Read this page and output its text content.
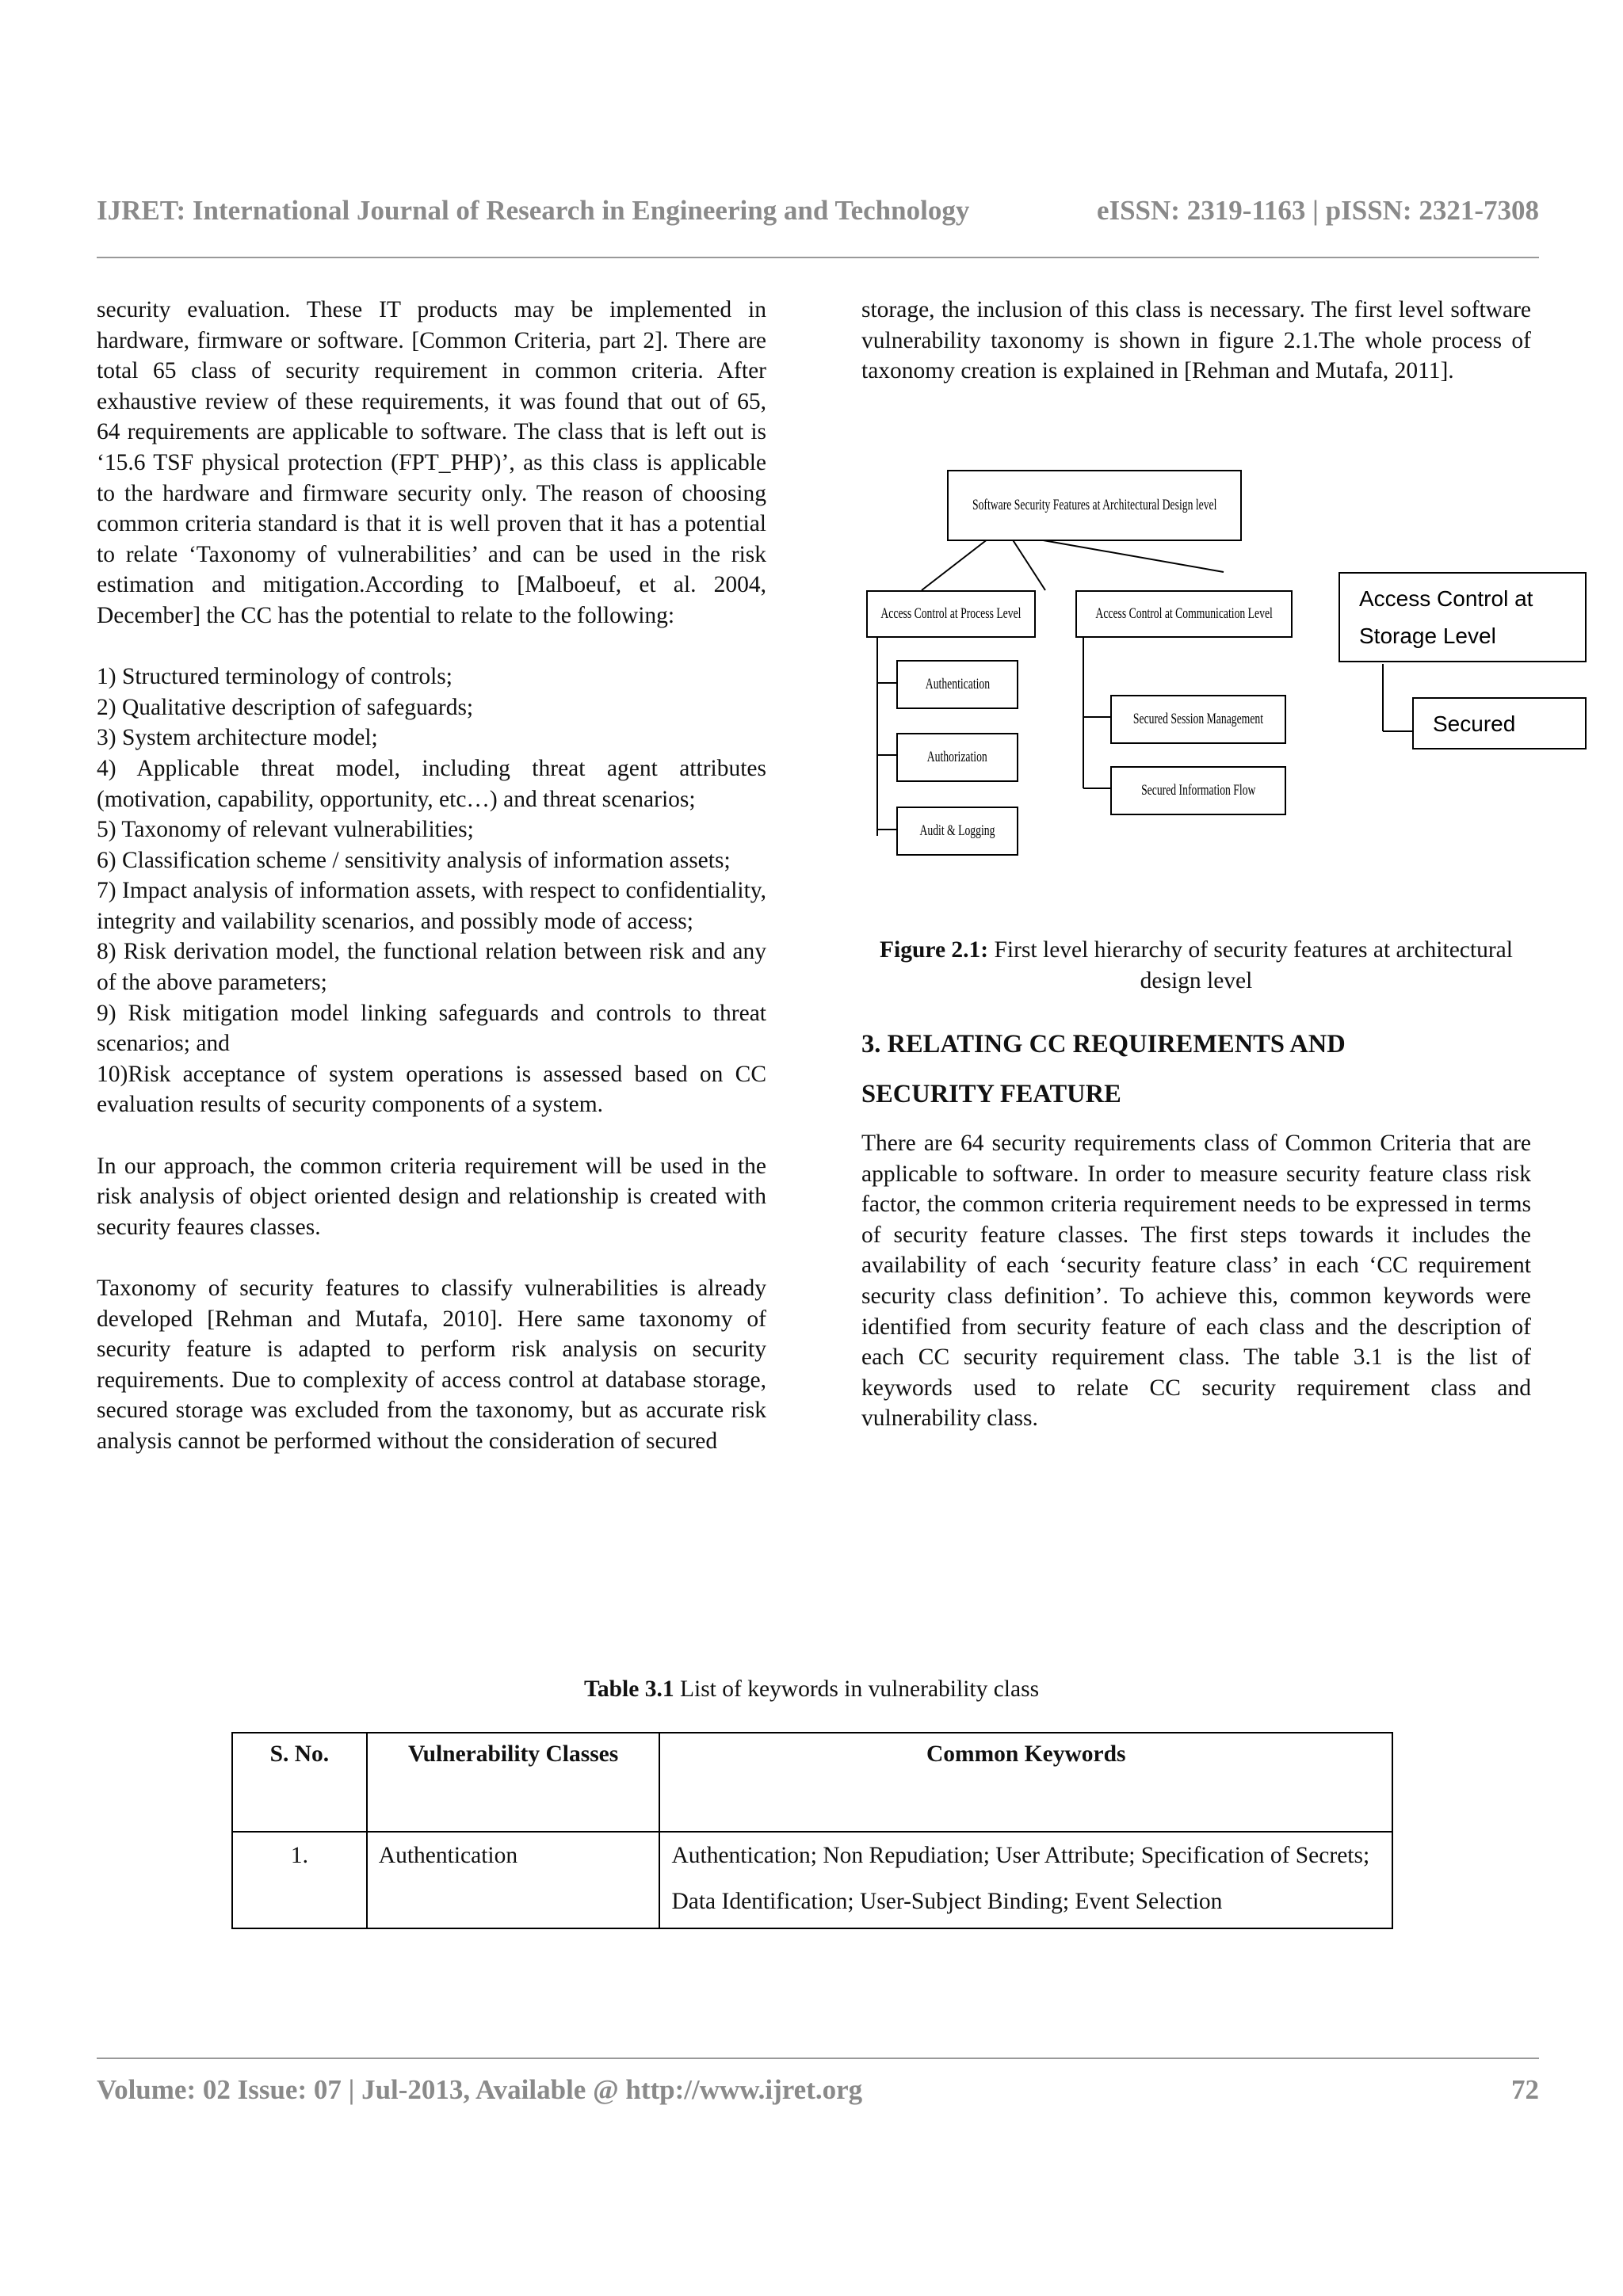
IJRET: International Journal of Research in Engineering and Technology	eISSN: 2319-1163 | pISSN: 2321-7308

security evaluation. These IT products may be implemented in hardware, firmware or software. [Common Criteria, part 2]. There are total 65 class of security requirement in common criteria. After exhaustive review of these requirements, it was found that out of 65, 64 requirements are applicable to software. The class that is left out is ‘15.6 TSF physical protection (FPT_PHP)’, as this class is applicable to the hardware and firmware security only. The reason of choosing common criteria standard is that it is well proven that it has a potential to relate ‘Taxonomy of vulnerabilities’ and can be used in the risk estimation and mitigation.According to [Malboeuf, et al. 2004, December] the CC has the potential to relate to the following:

1) Structured terminology of controls;
2) Qualitative description of safeguards;
3) System architecture model;
4) Applicable threat model, including threat agent attributes (motivation, capability, opportunity, etc…) and threat scenarios;
5) Taxonomy of relevant vulnerabilities;
6) Classification scheme / sensitivity analysis of information assets;
7) Impact analysis of information assets, with respect to confidentiality, integrity and vailability scenarios, and possibly mode of access;
8) Risk derivation model, the functional relation between risk and any of the above parameters;
9) Risk mitigation model linking safeguards and controls to threat scenarios; and
10)Risk acceptance of system operations is assessed based on CC evaluation results of security components of a system.

In our approach, the common criteria requirement will be used in the risk analysis of object oriented design and relationship is created with security feaures classes.

Taxonomy of security features to classify vulnerabilities is already developed [Rehman and Mutafa, 2010]. Here same taxonomy of security feature is adapted to perform risk analysis on security requirements. Due to complexity of access control at database storage, secured storage was excluded from the taxonomy, but as accurate risk analysis cannot be performed without the consideration of secured

storage, the inclusion of this class is necessary. The first level software vulnerability taxonomy is shown in figure 2.1.The whole process of taxonomy creation is explained in [Rehman and Mutafa, 2011].

Software Security Features at Architectural Design level
Access Control at Process Level	Access Control at Communication Level
Access Control at Storage Level
Authentication
Authorization
Audit & Logging
Secured Session Management
Secured Information Flow
Secured
Figure 2.1: First level hierarchy of security features at architectural design level
3. RELATING CC REQUIREMENTS AND
SECURITY FEATURE
There are 64 security requirements class of Common Criteria that are applicable to software. In order to measure security feature class risk factor, the common criteria requirement needs to be expressed in terms of security feature classes. The first steps towards it includes the availability of each ‘security feature class’ in each ‘CC requirement security class definition’. To achieve this, common keywords were identified from security feature of each class and the description of each CC security requirement class. The table 3.1 is the list of keywords used to relate CC security requirement class and vulnerability class.
Table 3.1 List of keywords in vulnerability class
S. No.	Vulnerability Classes	Common Keywords
1.	Authentication	Authentication; Non Repudiation; User Attribute; Specification of Secrets; Data Identification; User-Subject Binding; Event Selection
Volume: 02 Issue: 07 | Jul-2013, Available @ http://www.ijret.org	72
